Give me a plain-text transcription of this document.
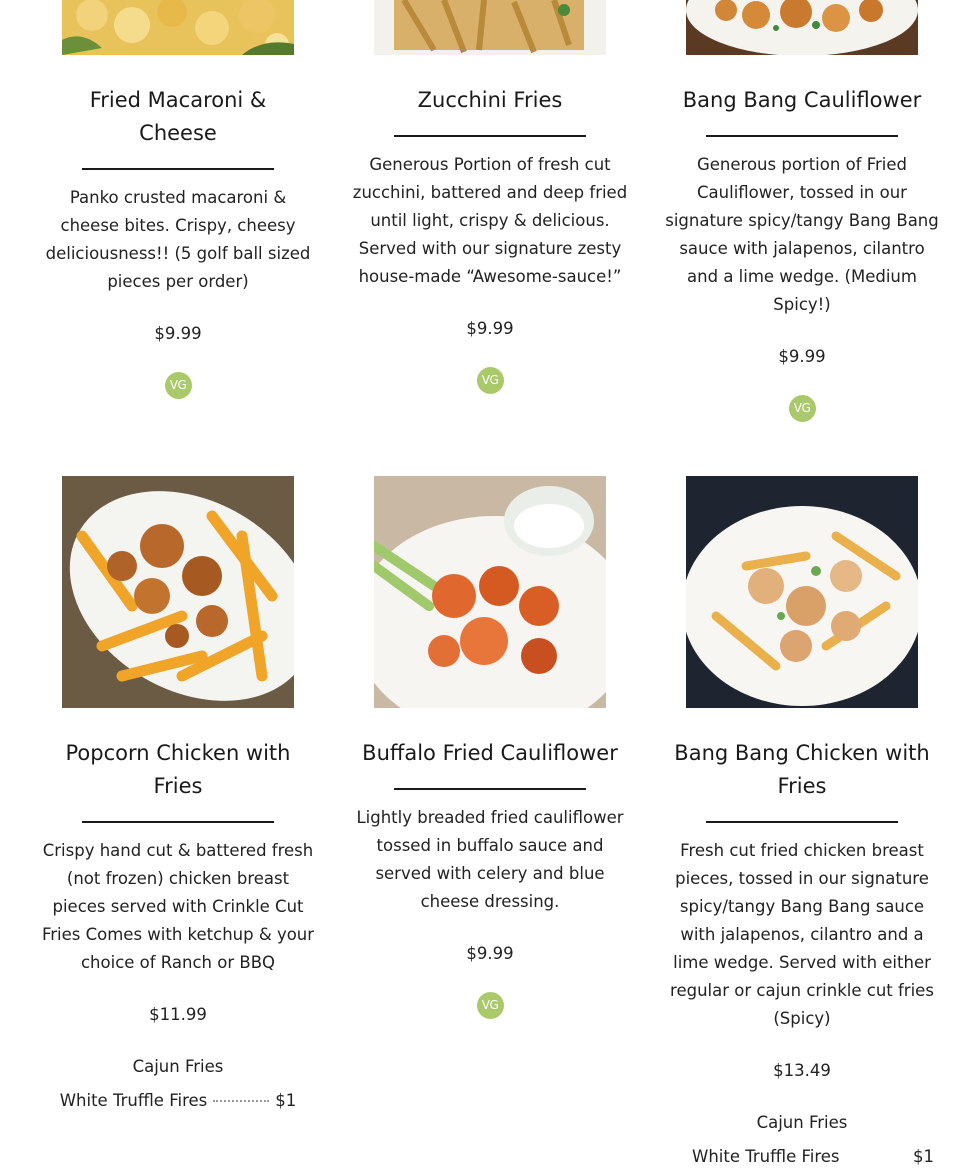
Fried Macaroni & Cheese

Panko crusted macaroni & cheese bites. Crispy, cheesy deliciousness!! (5 golf ball sized pieces per order)

$9.99
VG
Zucchini Fries

Generous Portion of fresh cut zucchini, battered and deep fried until light, crispy & delicious. Served with our signature zesty house-made “Awesome-sauce!”

$9.99
VG
Bang Bang Cauliflower

Generous portion of Fried Cauliflower, tossed in our signature spicy/tangy Bang Bang sauce with jalapenos, cilantro and a lime wedge. (Medium Spicy!)

$9.99
VG
Popcorn Chicken with Fries

Crispy hand cut & battered fresh (not frozen) chicken breast pieces served with Crinkle Cut Fries Comes with ketchup & your choice of Ranch or BBQ

$11.99
Cajun Fries
White Truffle Fires	$1
Buffalo Fried Cauliflower

Lightly breaded fried cauliflower tossed in buffalo sauce and served with celery and blue cheese dressing.

$9.99
VG
Bang Bang Chicken with Fries

Fresh cut fried chicken breast pieces, tossed in our signature spicy/tangy Bang Bang sauce with jalapenos, cilantro and a lime wedge. Served with either regular or cajun crinkle cut fries (Spicy)

$13.49
Cajun Fries
White Truffle Fires	$1
